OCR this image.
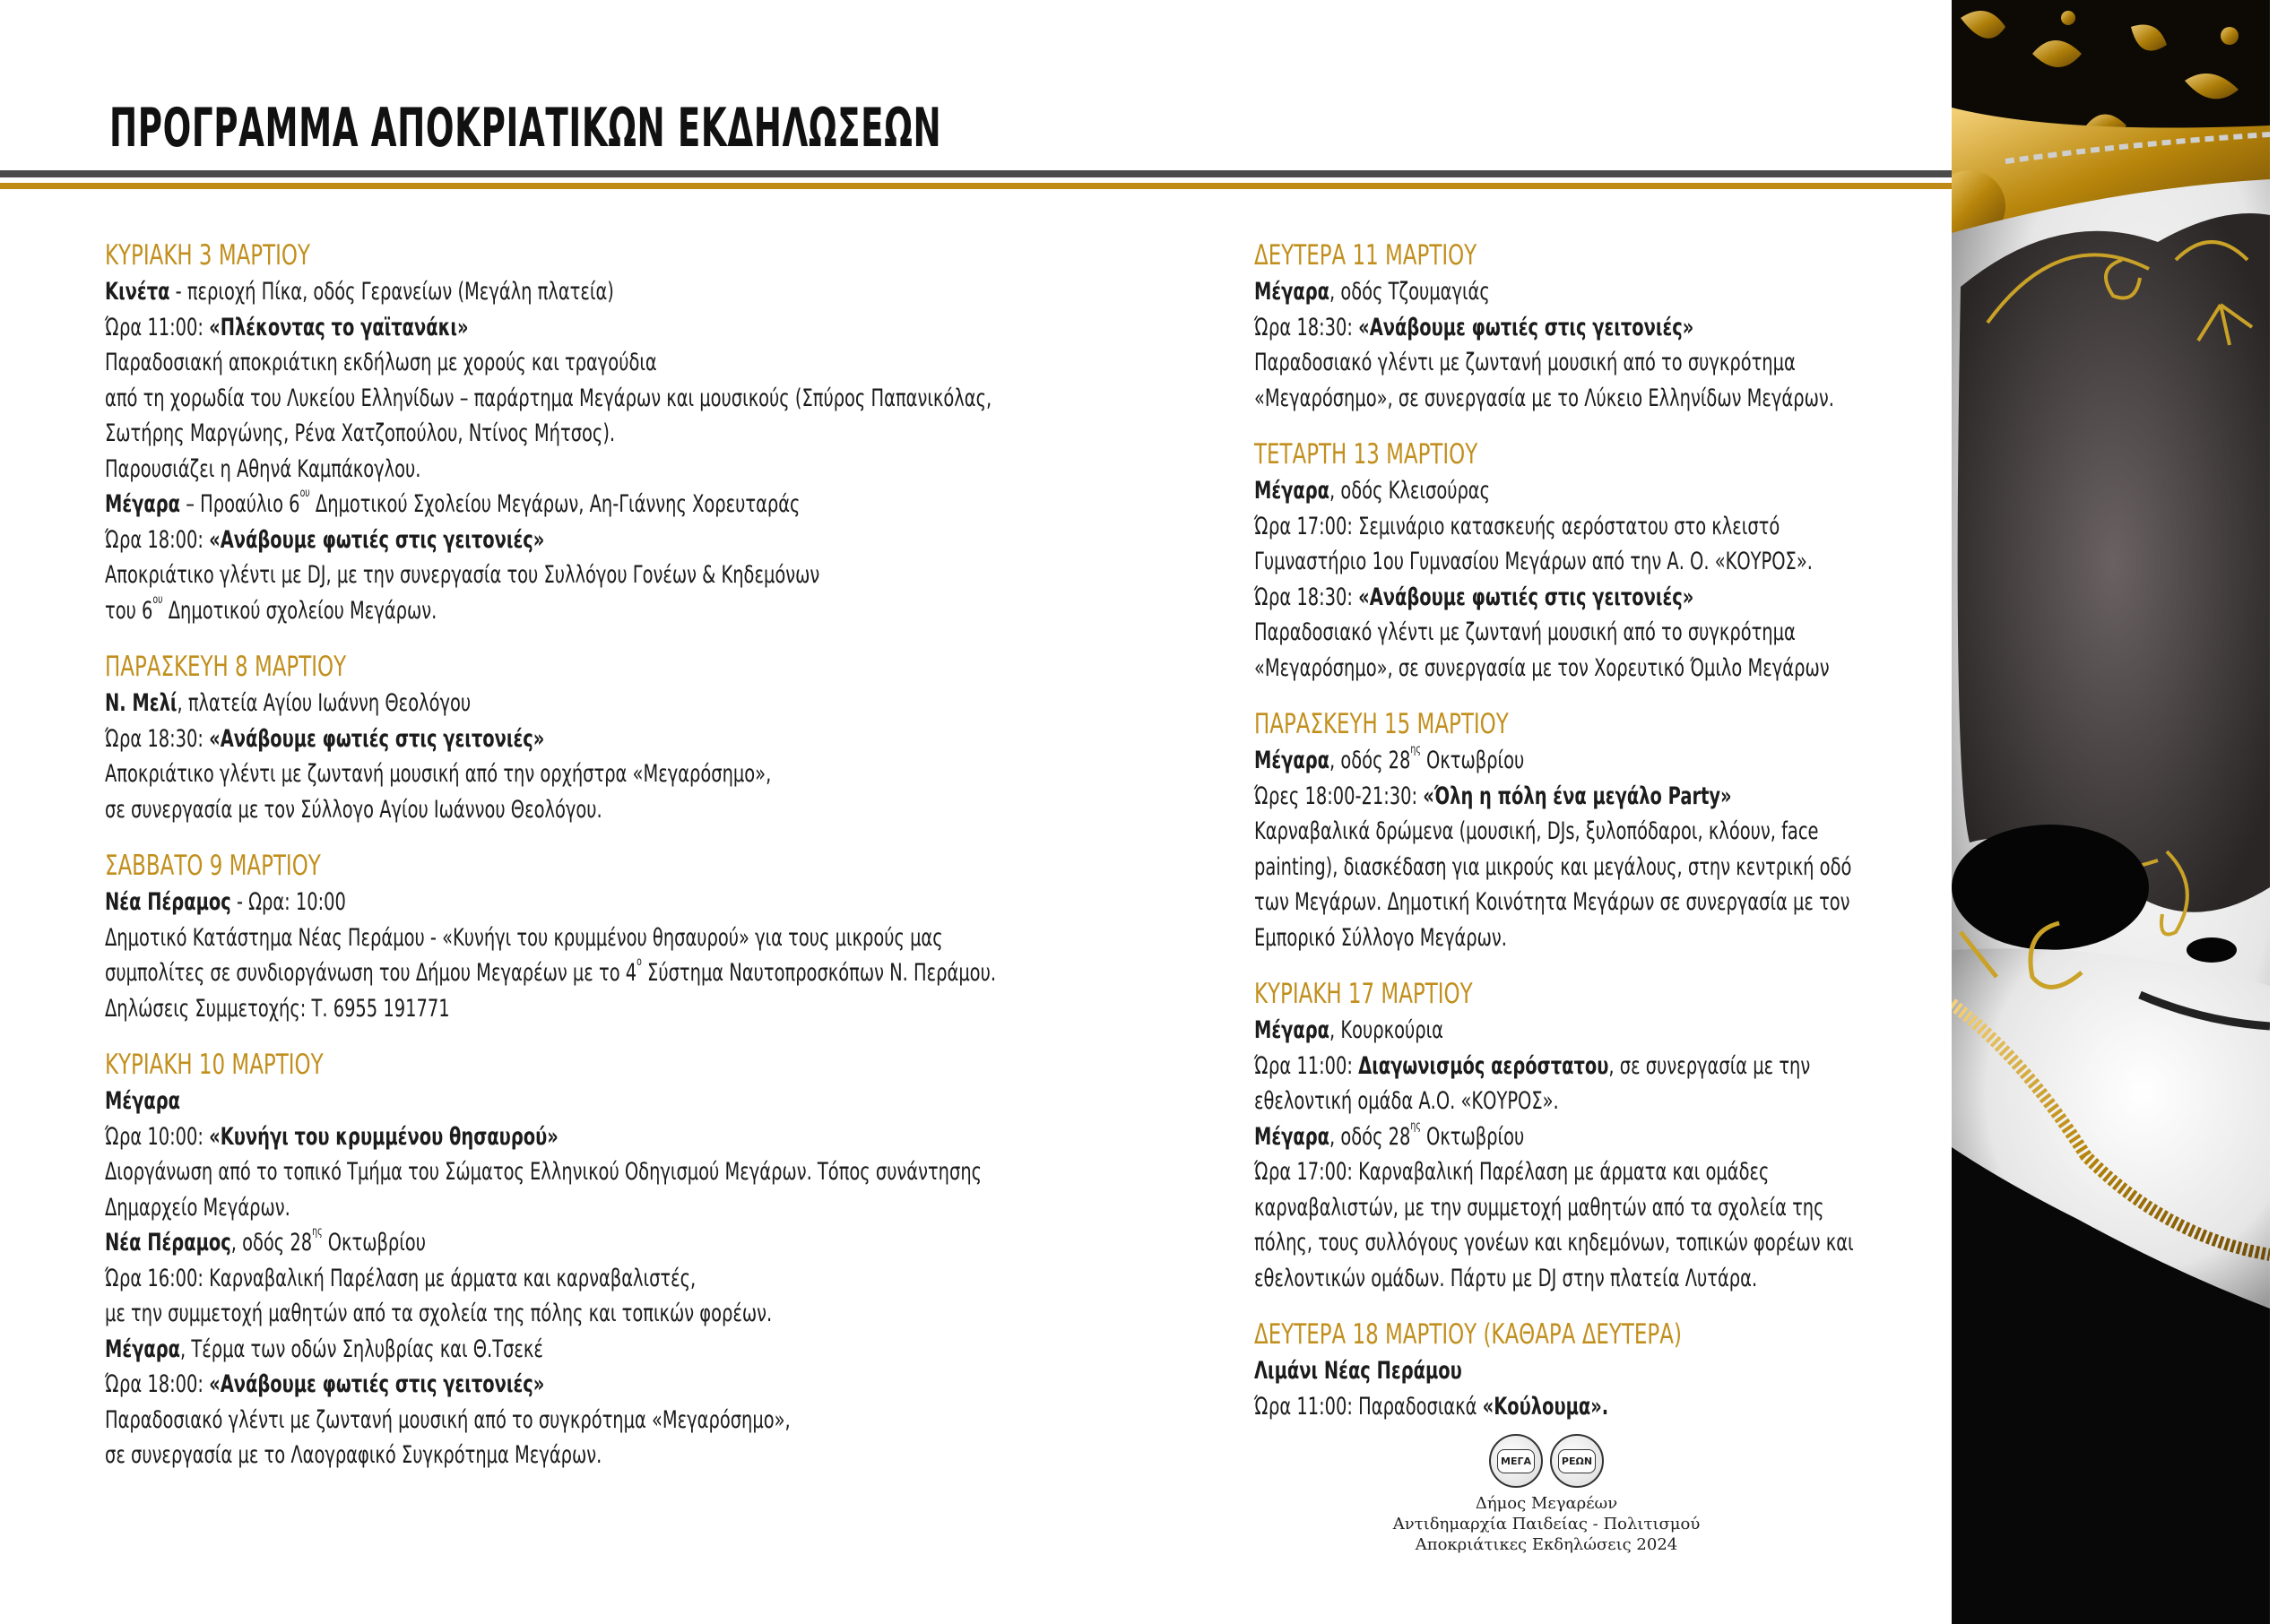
ΠΡΟΓΡΑΜΜΑ ΑΠΟΚΡΙΑΤΙΚΩΝ ΕΚΔΗΛΩΣΕΩΝ
ΚΥΡΙΑΚΗ 3 ΜΑΡΤΙΟΥ
Κινέτα - περιοχή Πίκα, οδός Γερανείων (Μεγάλη πλατεία)
Ώρα 11:00: «Πλέκοντας το γαϊτανάκι»
Παραδοσιακή αποκριάτικη εκδήλωση με χορούς και τραγούδια
από τη χορωδία του Λυκείου Ελληνίδων – παράρτημα Μεγάρων και μουσικούς (Σπύρος Παπανικόλας,
Σωτήρης Μαργώνης, Ρένα Χατζοπούλου, Ντίνος Μήτσος).
Παρουσιάζει η Αθηνά Καμπάκογλου.
Μέγαρα – Προαύλιο $6^{o\upsilon}$ Δημοτικού Σχολείου Μεγάρων, Αη-Γιάννης Χορευταράς
Ώρα 18:00: «Ανάβουμε φωτιές στις γειτονιές»
Αποκριάτικο γλέντι με DJ, με την συνεργασία του Συλλόγου Γονέων & Κηδεμόνων
του $6^{o\upsilon}$ Δημοτικού σχολείου Μεγάρων.
ΠΑΡΑΣΚΕΥΗ 8 ΜΑΡΤΙΟΥ
Ν. Μελί, πλατεία Αγίου Ιωάννη Θεολόγου
Ώρα 18:30: «Ανάβουμε φωτιές στις γειτονιές»
Αποκριάτικο γλέντι με ζωντανή μουσική από την ορχήστρα «Μεγαρόσημο»,
σε συνεργασία με τον Σύλλογο Αγίου Ιωάννου Θεολόγου.
ΣΑΒΒΑΤΟ 9 ΜΑΡΤΙΟΥ
Νέα Πέραμος - Ωρα: 10:00
Δημοτικό Κατάστημα Νέας Περάμου - «Κυνήγι του κρυμμένου θησαυρού» για τους μικρούς μας
συμπολίτες σε συνδιοργάνωση του Δήμου Μεγαρέων με το $4^o$ Σύστημα Ναυτοπροσκόπων Ν. Περάμου.
Δηλώσεις Συμμετοχής: Τ. 6955 191771
ΚΥΡΙΑΚΗ 10 ΜΑΡΤΙΟΥ
Μέγαρα
Ώρα 10:00: «Κυνήγι του κρυμμένου θησαυρού»
Διοργάνωση από το τοπικό Τμήμα του Σώματος Ελληνικού Οδηγισμού Μεγάρων. Τόπος συνάντησης
Δημαρχείο Μεγάρων.
Νέα Πέραμος, οδός $28^{\eta\varsigma}$ Οκτωβρίου
Ώρα 16:00: Καρναβαλική Παρέλαση με άρματα και καρναβαλιστές,
με την συμμετοχή μαθητών από τα σχολεία της πόλης και τοπικών φορέων.
Μέγαρα, Τέρμα των οδών Σηλυβρίας και Θ.Τσεκέ
Ώρα 18:00: «Ανάβουμε φωτιές στις γειτονιές»
Παραδοσιακό γλέντι με ζωντανή μουσική από το συγκρότημα «Μεγαρόσημο»,
σε συνεργασία με το Λαογραφικό Συγκρότημα Μεγάρων.
ΔΕΥΤΕΡΑ 11 ΜΑΡΤΙΟΥ
Μέγαρα, οδός Τζουμαγιάς
Ώρα 18:30: «Ανάβουμε φωτιές στις γειτονιές»
Παραδοσιακό γλέντι με ζωντανή μουσική από το συγκρότημα
«Μεγαρόσημο», σε συνεργασία με το Λύκειο Ελληνίδων Μεγάρων.
ΤΕΤΑΡΤΗ 13 ΜΑΡΤΙΟΥ
Μέγαρα, οδός Κλεισούρας
Ώρα 17:00: Σεμινάριο κατασκευής αερόστατου στο κλειστό
Γυμναστήριο 1ου Γυμνασίου Μεγάρων από την Α. Ο. «ΚΟΥΡΟΣ».
Ώρα 18:30: «Ανάβουμε φωτιές στις γειτονιές»
Παραδοσιακό γλέντι με ζωντανή μουσική από το συγκρότημα
«Μεγαρόσημο», σε συνεργασία με τον Χορευτικό Όμιλο Μεγάρων
ΠΑΡΑΣΚΕΥΗ 15 ΜΑΡΤΙΟΥ
Μέγαρα, οδός $28^{\eta\varsigma}$ Οκτωβρίου
Ώρες 18:00-21:30: «Όλη η πόλη ένα μεγάλο Party»
Καρναβαλικά δρώμενα (μουσική, DJs, ξυλοπόδαροι, κλόουν, face
painting), διασκέδαση για μικρούς και μεγάλους, στην κεντρική οδό
των Μεγάρων. Δημοτική Κοινότητα Μεγάρων σε συνεργασία με τον
Εμπορικό Σύλλογο Μεγάρων.
ΚΥΡΙΑΚΗ 17 ΜΑΡΤΙΟΥ
Μέγαρα, Κουρκούρια
Ώρα 11:00: Διαγωνισμός αερόστατου, σε συνεργασία με την
εθελοντική ομάδα Α.Ο. «ΚΟΥΡΟΣ».
Μέγαρα, οδός $28^{\eta\varsigma}$ Οκτωβρίου
Ώρα 17:00: Καρναβαλική Παρέλαση με άρματα και ομάδες
καρναβαλιστών, με την συμμετοχή μαθητών από τα σχολεία της
πόλης, τους συλλόγους γονέων και κηδεμόνων, τοπικών φορέων και
εθελοντικών ομάδων. Πάρτυ με DJ στην πλατεία Λυτάρα.
ΔΕΥΤΕΡΑ 18 ΜΑΡΤΙΟΥ (ΚΑΘΑΡΑ ΔΕΥΤΕΡΑ)
Λιμάνι Νέας Περάμου
Ώρα 11:00: Παραδοσιακά «Κούλουμα».
ΜΕΓΑ	ΡΕΩΝ
Δήμος Μεγαρέων
Αντιδημαρχία Παιδείας - Πολιτισμού
Αποκριάτικες Εκδηλώσεις 2024
